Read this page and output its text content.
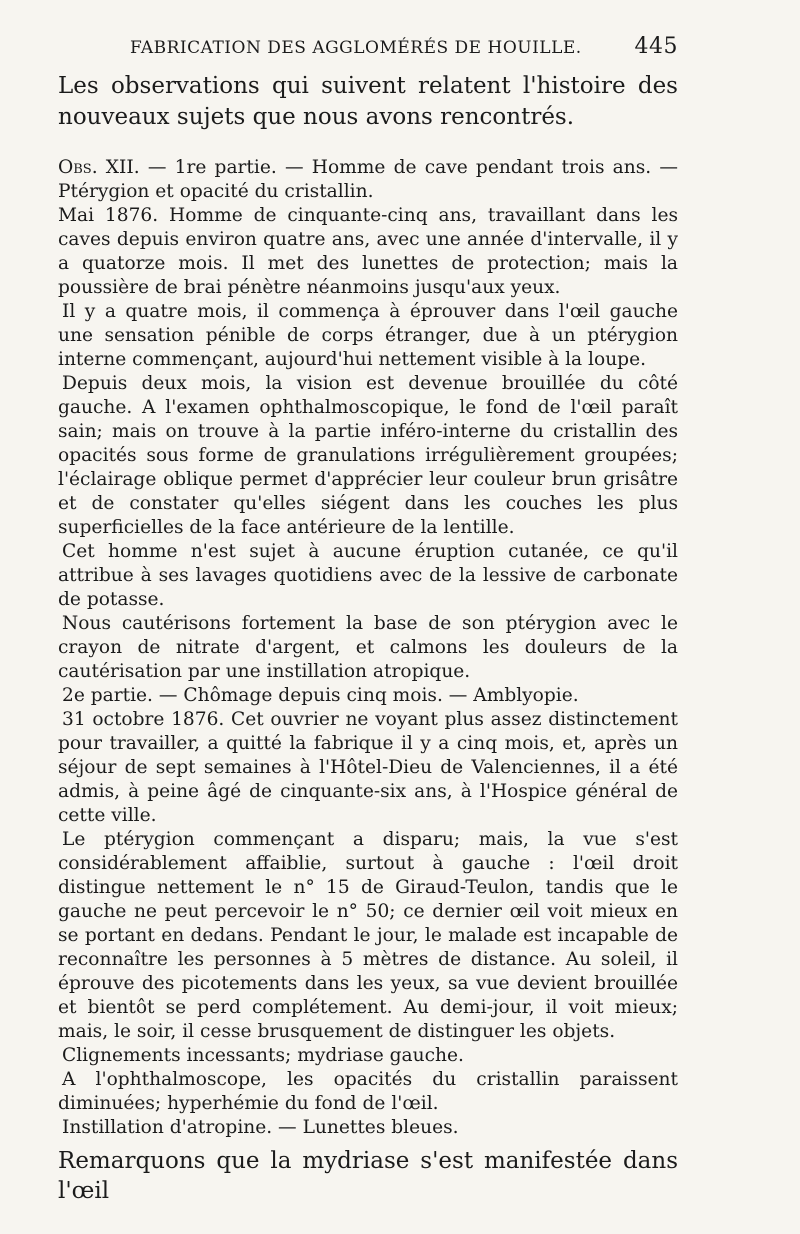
FABRICATION DES AGGLOMÉRÉS DE HOUILLE. 445

Les observations qui suivent relatent l'histoire des nouveaux sujets que nous avons rencontrés.

Obs. XII. — 1re partie. — Homme de cave pendant trois ans. — Ptérygion et opacité du cristallin.

Mai 1876. Homme de cinquante-cinq ans, travaillant dans les caves depuis environ quatre ans, avec une année d'intervalle, il y a quatorze mois. Il met des lunettes de protection; mais la poussière de brai pénètre néanmoins jusqu'aux yeux.

Il y a quatre mois, il commença à éprouver dans l'œil gauche une sensation pénible de corps étranger, due à un ptérygion interne commençant, aujourd'hui nettement visible à la loupe.

Depuis deux mois, la vision est devenue brouillée du côté gauche. A l'examen ophthalmoscopique, le fond de l'œil paraît sain; mais on trouve à la partie inféro-interne du cristallin des opacités sous forme de granulations irrégulièrement groupées; l'éclairage oblique permet d'apprécier leur couleur brun grisâtre et de constater qu'elles siégent dans les couches les plus superficielles de la face antérieure de la lentille.

Cet homme n'est sujet à aucune éruption cutanée, ce qu'il attribue à ses lavages quotidiens avec de la lessive de carbonate de potasse.

Nous cautérisons fortement la base de son ptérygion avec le crayon de nitrate d'argent, et calmons les douleurs de la cautérisation par une instillation atropique.

2e partie. — Chômage depuis cinq mois. — Amblyopie.

31 octobre 1876. Cet ouvrier ne voyant plus assez distinctement pour travailler, a quitté la fabrique il y a cinq mois, et, après un séjour de sept semaines à l'Hôtel-Dieu de Valenciennes, il a été admis, à peine âgé de cinquante-six ans, à l'Hospice général de cette ville.

Le ptérygion commençant a disparu; mais, la vue s'est considérablement affaiblie, surtout à gauche : l'œil droit distingue nettement le n° 15 de Giraud-Teulon, tandis que le gauche ne peut percevoir le n° 50; ce dernier œil voit mieux en se portant en dedans. Pendant le jour, le malade est incapable de reconnaître les personnes à 5 mètres de distance. Au soleil, il éprouve des picotements dans les yeux, sa vue devient brouillée et bientôt se perd complétement. Au demi-jour, il voit mieux; mais, le soir, il cesse brusquement de distinguer les objets.

Clignements incessants; mydriase gauche.

A l'ophthalmoscope, les opacités du cristallin paraissent diminuées; hyperhémie du fond de l'œil.

Instillation d'atropine. — Lunettes bleues.

Remarquons que la mydriase s'est manifestée dans l'œil
